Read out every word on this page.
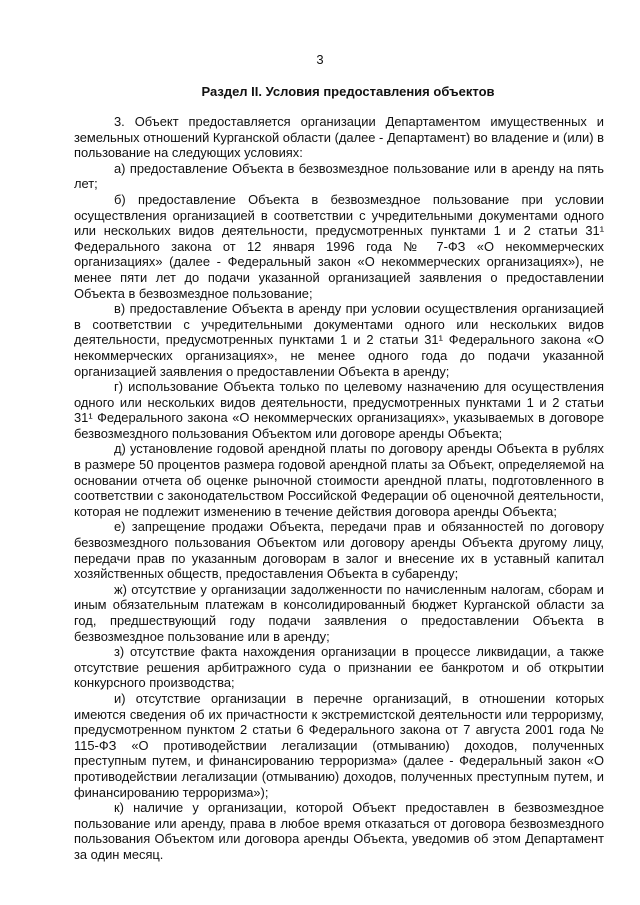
3
Раздел II. Условия предоставления объектов

3. Объект предоставляется организации Департаментом имущественных и земельных отношений Курганской области (далее - Департамент) во владение и (или) в пользование на следующих условиях:

а) предоставление Объекта в безвозмездное пользование или в аренду на пять лет;

б) предоставление Объекта в безвозмездное пользование при условии осуществления организацией в соответствии с учредительными документами одного или нескольких видов деятельности, предусмотренных пунктами 1 и 2 статьи 31¹ Федерального закона от 12 января 1996 года № 7-ФЗ «О некоммерческих организациях» (далее - Федеральный закон «О некоммерческих организациях»), не менее пяти лет до подачи указанной организацией заявления о предоставлении Объекта в безвозмездное пользование;

в) предоставление Объекта в аренду при условии осуществления организацией в соответствии с учредительными документами одного или нескольких видов деятельности, предусмотренных пунктами 1 и 2 статьи 31¹ Федерального закона «О некоммерческих организациях», не менее одного года до подачи указанной организацией заявления о предоставлении Объекта в аренду;

г) использование Объекта только по целевому назначению для осуществления одного или нескольких видов деятельности, предусмотренных пунктами 1 и 2 статьи 31¹ Федерального закона «О некоммерческих организациях», указываемых в договоре безвозмездного пользования Объектом или договоре аренды Объекта;

д) установление годовой арендной платы по договору аренды Объекта в рублях в размере 50 процентов размера годовой арендной платы за Объект, определяемой на основании отчета об оценке рыночной стоимости арендной платы, подготовленного в соответствии с законодательством Российской Федерации об оценочной деятельности, которая не подлежит изменению в течение действия договора аренды Объекта;

е) запрещение продажи Объекта, передачи прав и обязанностей по договору безвозмездного пользования Объектом или договору аренды Объекта другому лицу, передачи прав по указанным договорам в залог и внесение их в уставный капитал хозяйственных обществ, предоставления Объекта в субаренду;

ж) отсутствие у организации задолженности по начисленным налогам, сборам и иным обязательным платежам в консолидированный бюджет Курганской области за год, предшествующий году подачи заявления о предоставлении Объекта в безвозмездное пользование или в аренду;

з) отсутствие факта нахождения организации в процессе ликвидации, а также отсутствие решения арбитражного суда о признании ее банкротом и об открытии конкурсного производства;

и) отсутствие организации в перечне организаций, в отношении которых имеются сведения об их причастности к экстремистской деятельности или терроризму, предусмотренном пунктом 2 статьи 6 Федерального закона от 7 августа 2001 года № 115-ФЗ «О противодействии легализации (отмыванию) доходов, полученных преступным путем, и финансированию терроризма» (далее - Федеральный закон «О противодействии легализации (отмыванию) доходов, полученных преступным путем, и финансированию терроризма»);

к) наличие у организации, которой Объект предоставлен в безвозмездное пользование или аренду, права в любое время отказаться от договора безвозмездного пользования Объектом или договора аренды Объекта, уведомив об этом Департамент за один месяц.
